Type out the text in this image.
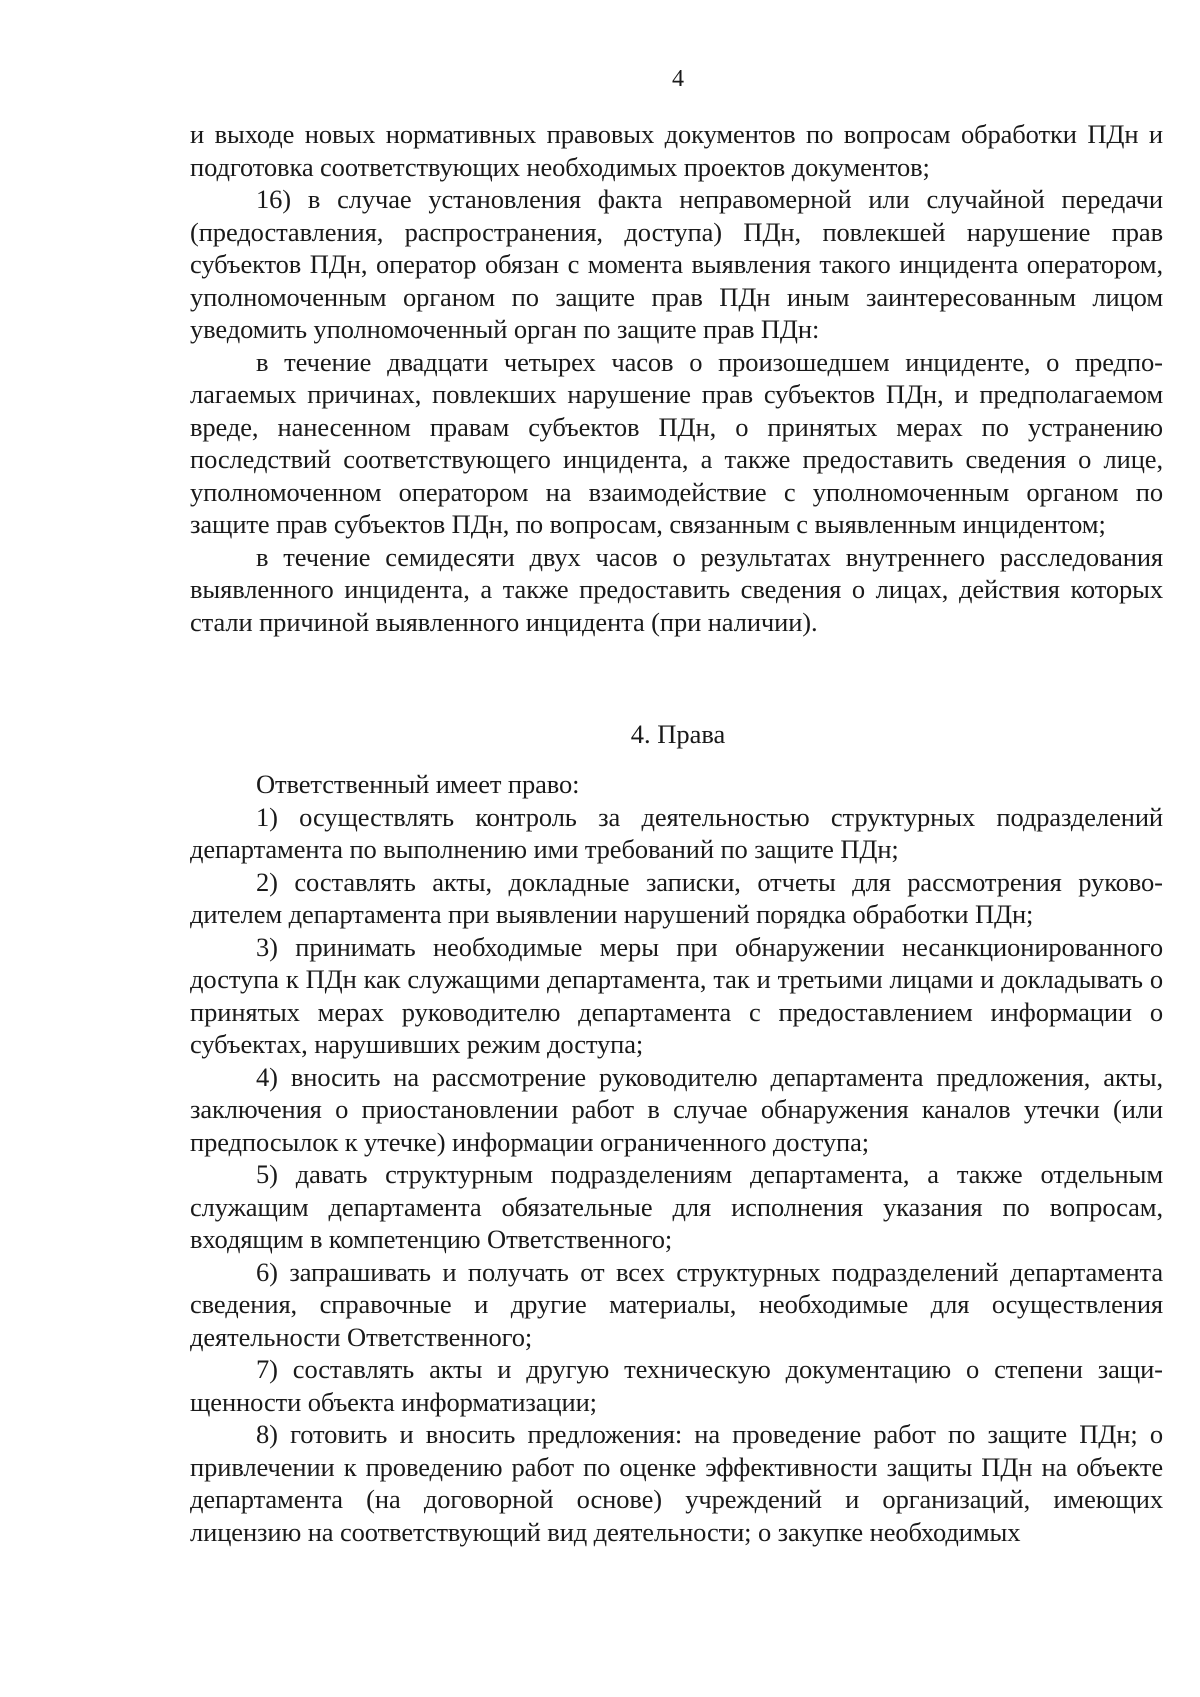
4

и выходе новых нормативных правовых документов по вопросам обработки ПДн и подготовка соответствующих необходимых проектов документов;

16) в случае установления факта неправомерной или случайной передачи (предоставления, распространения, доступа) ПДн, повлекшей нарушение прав субъектов ПДн, оператор обязан с момента выявления такого инцидента оператором, уполномоченным органом по защите прав ПДн иным заинтересованным лицом уведомить уполномоченный орган по защите прав ПДн:

в течение двадцати четырех часов о произошедшем инциденте, о предполагаемых причинах, повлекших нарушение прав субъектов ПДн, и предполагаемом вреде, нанесенном правам субъектов ПДн, о принятых мерах по устранению последствий соответствующего инцидента, а также предоставить сведения о лице, уполномоченном оператором на взаимодействие с уполномоченным органом по защите прав субъектов ПДн, по вопросам, связанным с выявленным инцидентом;

в течение семидесяти двух часов о результатах внутреннего расследования выявленного инцидента, а также предоставить сведения о лицах, действия которых стали причиной выявленного инцидента (при наличии).

4. Права

Ответственный имеет право:

1) осуществлять контроль за деятельностью структурных подразделений департамента по выполнению ими требований по защите ПДн;

2) составлять акты, докладные записки, отчеты для рассмотрения руководителем департамента при выявлении нарушений порядка обработки ПДн;

3) принимать необходимые меры при обнаружении несанкционированного доступа к ПДн как служащими департамента, так и третьими лицами и докладывать о принятых мерах руководителю департамента с предоставлением информации о субъектах, нарушивших режим доступа;

4) вносить на рассмотрение руководителю департамента предложения, акты, заключения о приостановлении работ в случае обнаружения каналов утечки (или предпосылок к утечке) информации ограниченного доступа;

5) давать структурным подразделениям департамента, а также отдельным служащим департамента обязательные для исполнения указания по вопросам, входящим в компетенцию Ответственного;

6) запрашивать и получать от всех структурных подразделений департамента сведения, справочные и другие материалы, необходимые для осуществления деятельности Ответственного;

7) составлять акты и другую техническую документацию о степени защищенности объекта информатизации;

8) готовить и вносить предложения: на проведение работ по защите ПДн; о привлечении к проведению работ по оценке эффективности защиты ПДн на объекте департамента (на договорной основе) учреждений и организаций, имеющих лицензию на соответствующий вид деятельности; о закупке необходимых
